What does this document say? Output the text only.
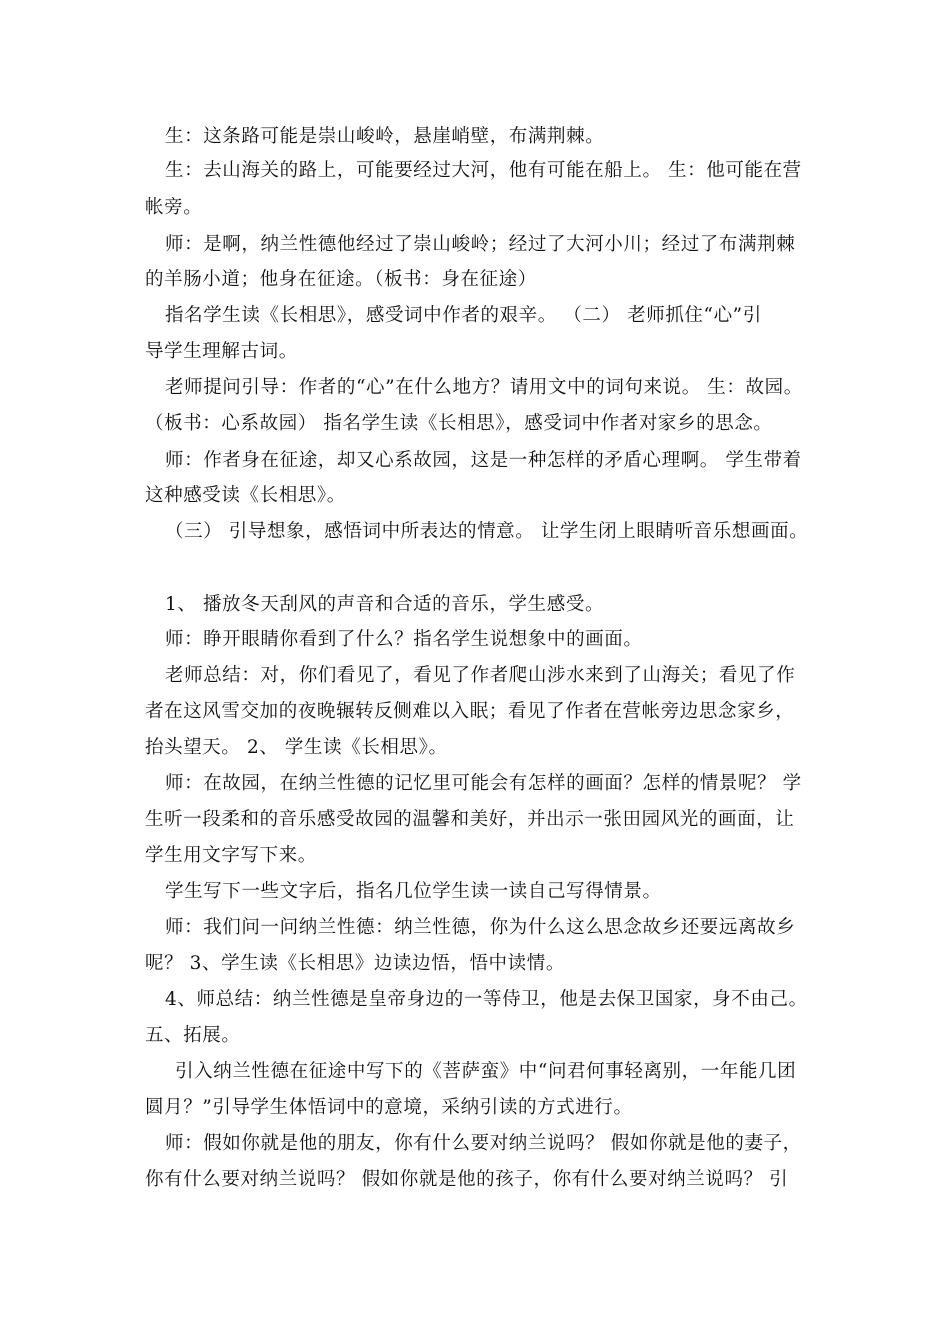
生：这条路可能是崇山峻岭，悬崖峭壁，布满荆棘。
生：去山海关的路上，可能要经过大河，他有可能在船上。 生：他可能在营
帐旁。
师：是啊，纳兰性德他经过了崇山峻岭；经过了大河小川；经过了布满荆棘
的羊肠小道；他身在征途。（板书：身在征途）
指名学生读《长相思》，感受词中作者的艰辛。 （二） 老师抓住“心”引
导学生理解古词。
老师提问引导：作者的“心”在什么地方？请用文中的词句来说。 生：故园。
（板书：心系故园） 指名学生读《长相思》，感受词中作者对家乡的思念。
师：作者身在征途，却又心系故园，这是一种怎样的矛盾心理啊。 学生带着
这种感受读《长相思》。
（三） 引导想象，感悟词中所表达的情意。 让学生闭上眼睛听音乐想画面。
1、 播放冬天刮风的声音和合适的音乐，学生感受。
师：睁开眼睛你看到了什么？指名学生说想象中的画面。
老师总结：对，你们看见了，看见了作者爬山涉水来到了山海关；看见了作
者在这风雪交加的夜晚辗转反侧难以入眠；看见了作者在营帐旁边思念家乡，
抬头望天。 2、 学生读《长相思》。
师：在故园，在纳兰性德的记忆里可能会有怎样的画面？怎样的情景呢？ 学
生听一段柔和的音乐感受故园的温馨和美好，并出示一张田园风光的画面，让
学生用文字写下来。
学生写下一些文字后，指名几位学生读一读自己写得情景。
师：我们问一问纳兰性德：纳兰性德，你为什么这么思念故乡还要远离故乡
呢？ 3、学生读《长相思》边读边悟，悟中读情。
4、师总结：纳兰性德是皇帝身边的一等侍卫，他是去保卫国家，身不由己。
五、拓展。
引入纳兰性德在征途中写下的《菩萨蛮》中“问君何事轻离别，一年能几团
圆月？”引导学生体悟词中的意境，采纳引读的方式进行。
师：假如你就是他的朋友，你有什么要对纳兰说吗？ 假如你就是他的妻子，
你有什么要对纳兰说吗？ 假如你就是他的孩子，你有什么要对纳兰说吗？ 引
